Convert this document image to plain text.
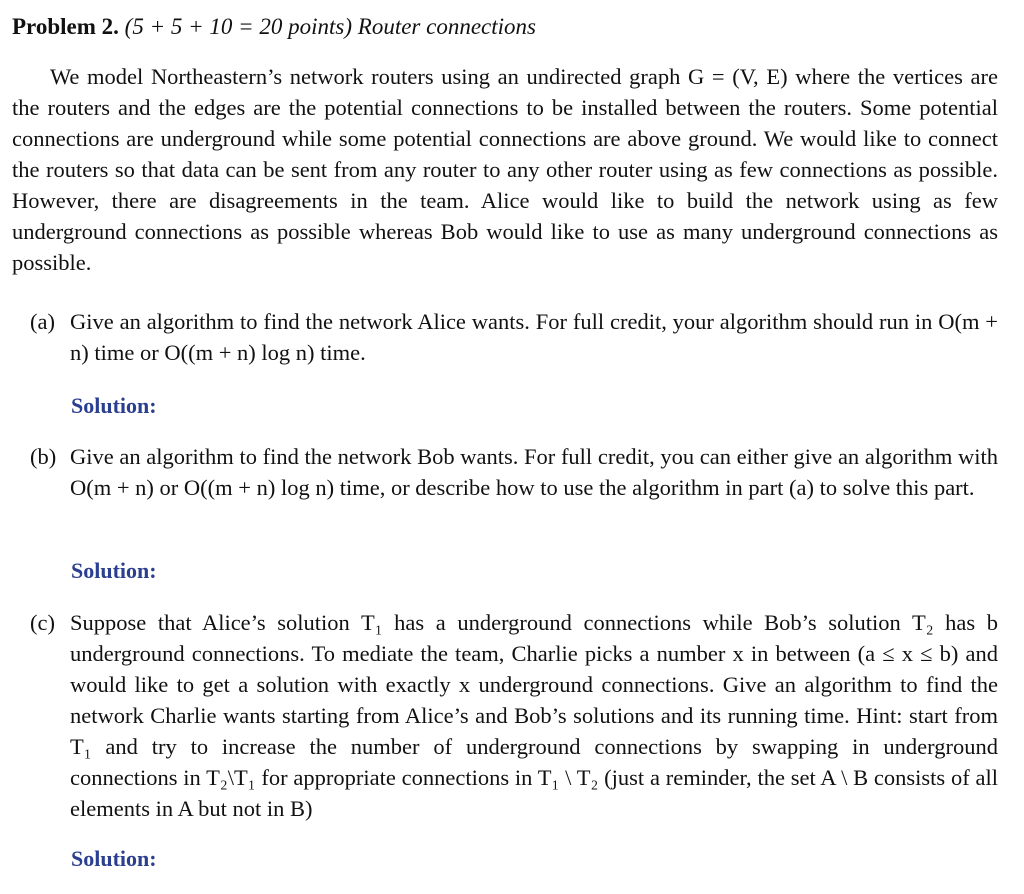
Problem 2. (5 + 5 + 10 = 20 points) Router connections
We model Northeastern’s network routers using an undirected graph G = (V, E) where the vertices are the routers and the edges are the potential connections to be installed between the routers. Some potential connections are underground while some potential connections are above ground. We would like to connect the routers so that data can be sent from any router to any other router using as few connections as possible. However, there are disagreements in the team. Alice would like to build the network using as few underground connections as possible whereas Bob would like to use as many underground connections as possible.
(a) Give an algorithm to find the network Alice wants. For full credit, your algorithm should run in O(m + n) time or O((m + n) log n) time.
Solution:
(b) Give an algorithm to find the network Bob wants. For full credit, you can either give an algorithm with O(m + n) or O((m + n) log n) time, or describe how to use the algorithm in part (a) to solve this part.
Solution:
(c) Suppose that Alice’s solution T₁ has a underground connections while Bob’s solution T₂ has b underground connections. To mediate the team, Charlie picks a number x in between (a ≤ x ≤ b) and would like to get a solution with exactly x underground connections. Give an algorithm to find the network Charlie wants starting from Alice’s and Bob’s solutions and its running time. Hint: start from T₁ and try to increase the number of underground connections by swapping in underground connections in T₂\T₁ for appropriate connections in T₁ \ T₂ (just a reminder, the set A \ B consists of all elements in A but not in B)
Solution:
